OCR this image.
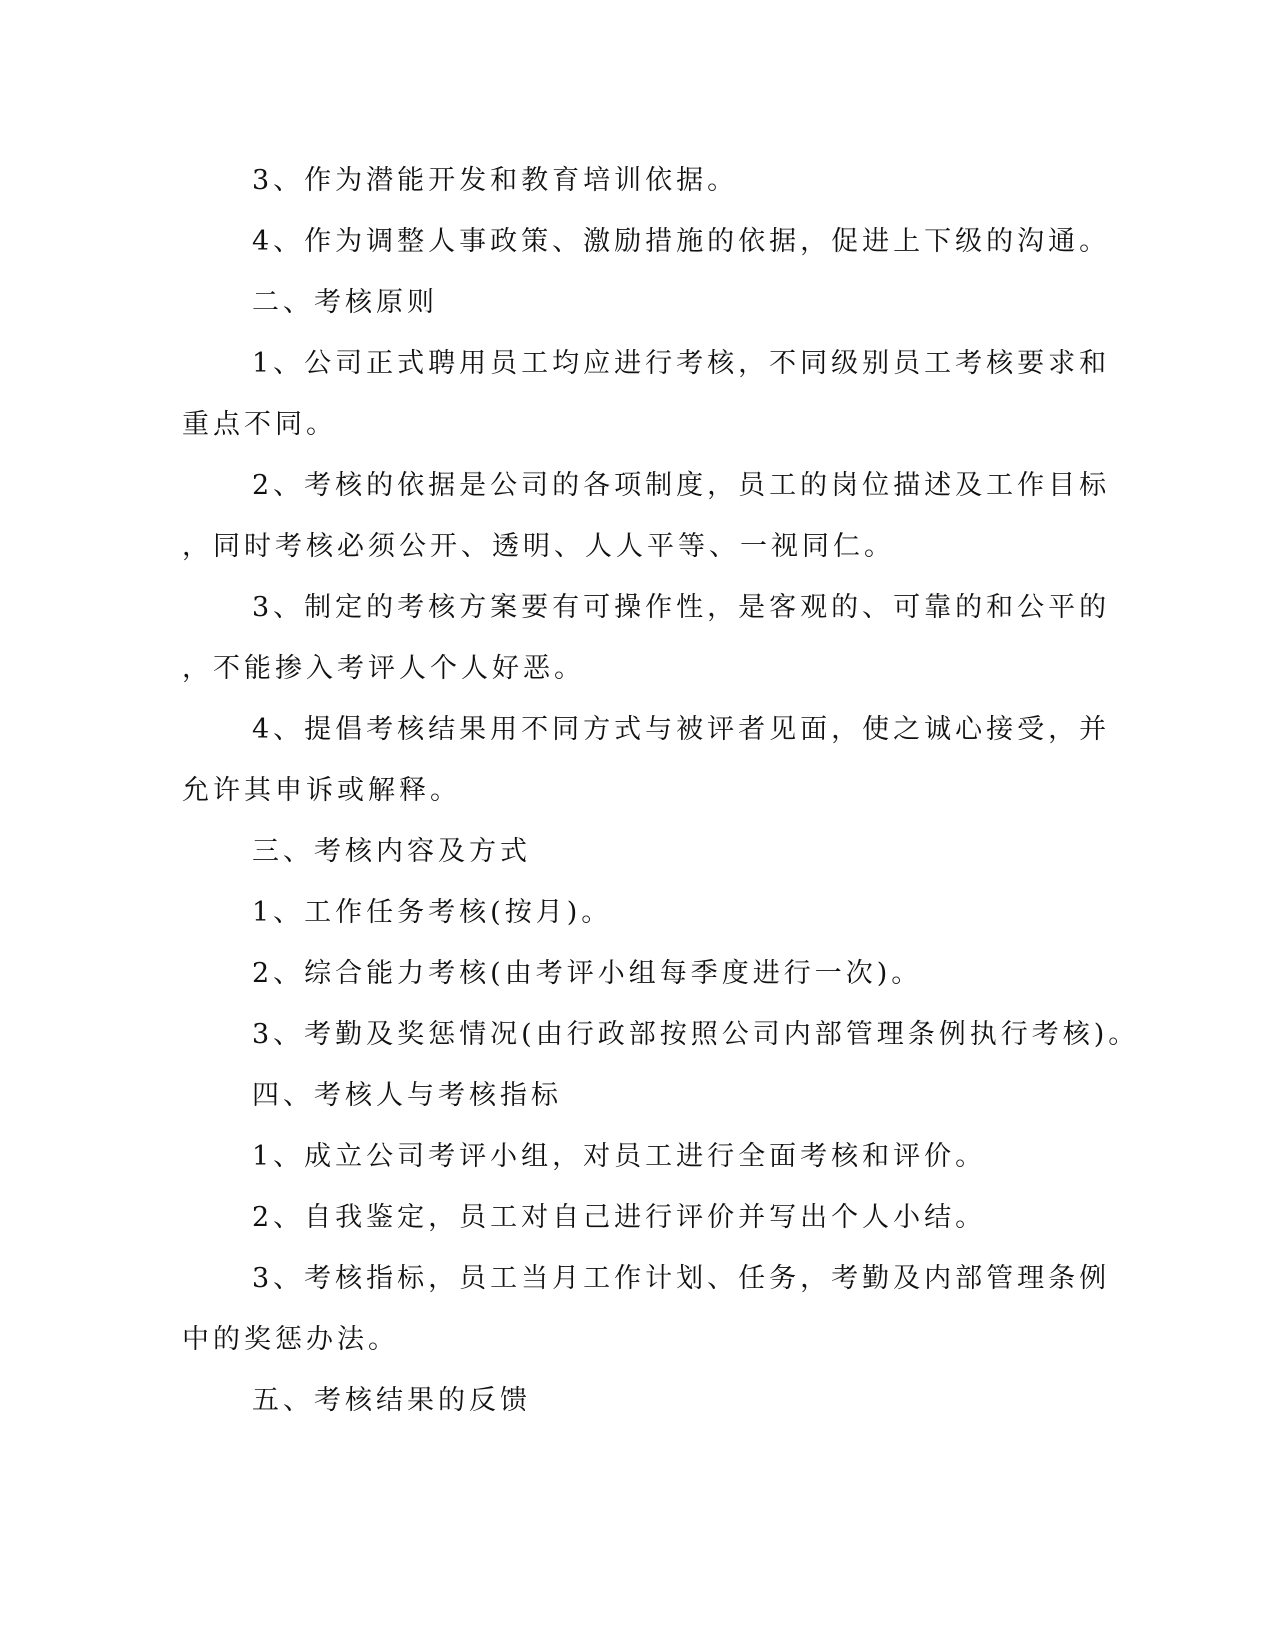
3、作为潜能开发和教育培训依据。

4、作为调整人事政策、激励措施的依据，促进上下级的沟通。

二、考核原则

1、公司正式聘用员工均应进行考核，不同级别员工考核要求和

重点不同。

2、考核的依据是公司的各项制度，员工的岗位描述及工作目标

，同时考核必须公开、透明、人人平等、一视同仁。

3、制定的考核方案要有可操作性，是客观的、可靠的和公平的

，不能掺入考评人个人好恶。

4、提倡考核结果用不同方式与被评者见面，使之诚心接受，并

允许其申诉或解释。

三、考核内容及方式

1、工作任务考核(按月)。

2、综合能力考核(由考评小组每季度进行一次)。

3、考勤及奖惩情况(由行政部按照公司内部管理条例执行考核)。

四、考核人与考核指标

1、成立公司考评小组，对员工进行全面考核和评价。

2、自我鉴定，员工对自己进行评价并写出个人小结。

3、考核指标，员工当月工作计划、任务，考勤及内部管理条例

中的奖惩办法。

五、考核结果的反馈
